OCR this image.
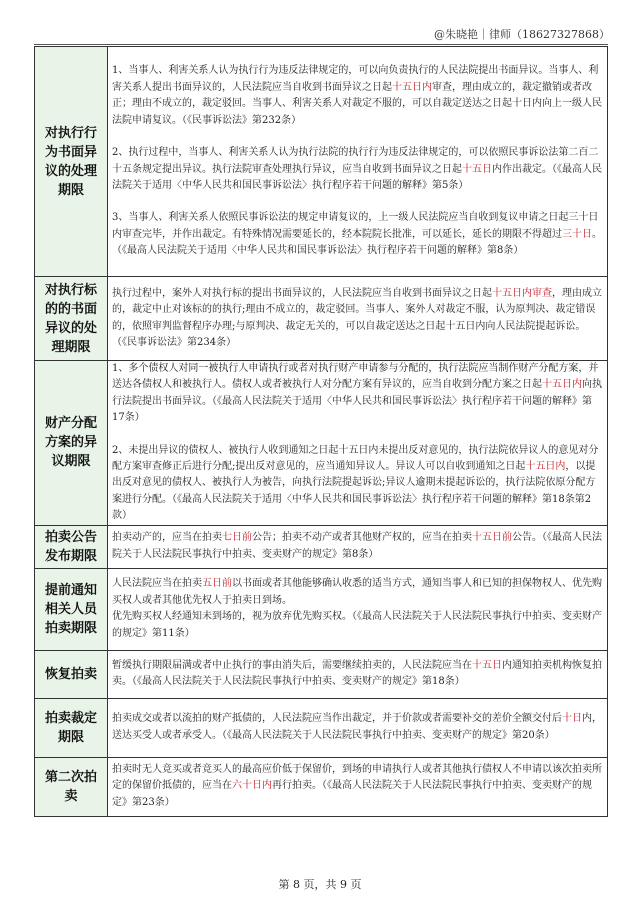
@朱晓艳｜律师（18627327868）
对执行行为书面异议的处理期限	1、当事人、利害关系人认为执行行为违反法律规定的，可以向负责执行的人民法院提出书面异议。当事人、利害关系人提出书面异议的，人民法院应当自收到书面异议之日起十五日内审查，理由成立的，裁定撤销或者改正；理由不成立的，裁定驳回。当事人、利害关系人对裁定不服的，可以自裁定送达之日起十日内向上一级人民法院申请复议。（《民事诉讼法》第232条）

2、执行过程中，当事人、利害关系人认为执行法院的执行行为违反法律规定的，可以依照民事诉讼法第二百二十五条规定提出异议。执行法院审查处理执行异议，应当自收到书面异议之日起十五日内作出裁定。（《最高人民法院关于适用〈中华人民共和国民事诉讼法〉执行程序若干问题的解释》第5条）

3、当事人、利害关系人依照民事诉讼法的规定申请复议的，上一级人民法院应当自收到复议申请之日起三十日内审查完毕，并作出裁定。有特殊情况需要延长的，经本院院长批准，可以延长，延长的期限不得超过三十日。（《最高人民法院关于适用〈中华人民共和国民事诉讼法〉执行程序若干问题的解释》第8条）

对执行标的的书面异议的处理期限	执行过程中，案外人对执行标的提出书面异议的，人民法院应当自收到书面异议之日起十五日内审查，理由成立的，裁定中止对该标的的执行;理由不成立的，裁定驳回。当事人、案外人对裁定不服，认为原判决、裁定错误的，依照审判监督程序办理;与原判决、裁定无关的，可以自裁定送达之日起十五日内向人民法院提起诉讼。（《民事诉讼法》第234条）

财产分配方案的异议期限	1、多个债权人对同一被执行人申请执行或者对执行财产申请参与分配的，执行法院应当制作财产分配方案，并送达各债权人和被执行人。债权人或者被执行人对分配方案有异议的，应当自收到分配方案之日起十五日内向执行法院提出书面异议。（《最高人民法院关于适用〈中华人民共和国民事诉讼法〉执行程序若干问题的解释》第17条）

2、未提出异议的债权人、被执行人收到通知之日起十五日内未提出反对意见的，执行法院依异议人的意见对分配方案审查修正后进行分配;提出反对意见的，应当通知异议人。异议人可以自收到通知之日起十五日内，以提出反对意见的债权人、被执行人为被告，向执行法院提起诉讼;异议人逾期未提起诉讼的，执行法院依原分配方案进行分配。（《最高人民法院关于适用〈中华人民共和国民事诉讼法〉执行程序若干问题的解释》第18条第2款）

拍卖公告发布期限	拍卖动产的，应当在拍卖七日前公告；拍卖不动产或者其他财产权的，应当在拍卖十五日前公告。（《最高人民法院关于人民法院民事执行中拍卖、变卖财产的规定》第8条）

提前通知相关人员拍卖期限	人民法院应当在拍卖五日前以书面或者其他能够确认收悉的适当方式，通知当事人和已知的担保物权人、优先购买权人或者其他优先权人于拍卖日到场。

优先购买权人经通知未到场的，视为放弃优先购买权。（《最高人民法院关于人民法院民事执行中拍卖、变卖财产的规定》第11条）

恢复拍卖	暂缓执行期限届满或者中止执行的事由消失后，需要继续拍卖的，人民法院应当在十五日内通知拍卖机构恢复拍卖。（《最高人民法院关于人民法院民事执行中拍卖、变卖财产的规定》第18条）

拍卖裁定期限	拍卖成交或者以流拍的财产抵债的，人民法院应当作出裁定，并于价款或者需要补交的差价全额交付后十日内，送达买受人或者承受人。（《最高人民法院关于人民法院民事执行中拍卖、变卖财产的规定》第20条）

第二次拍卖	拍卖时无人竞买或者竞买人的最高应价低于保留价，到场的申请执行人或者其他执行债权人不申请以该次拍卖所定的保留价抵债的，应当在六十日内再行拍卖。（《最高人民法院关于人民法院民事执行中拍卖、变卖财产的规定》第23条）

第 8 页，共 9 页
